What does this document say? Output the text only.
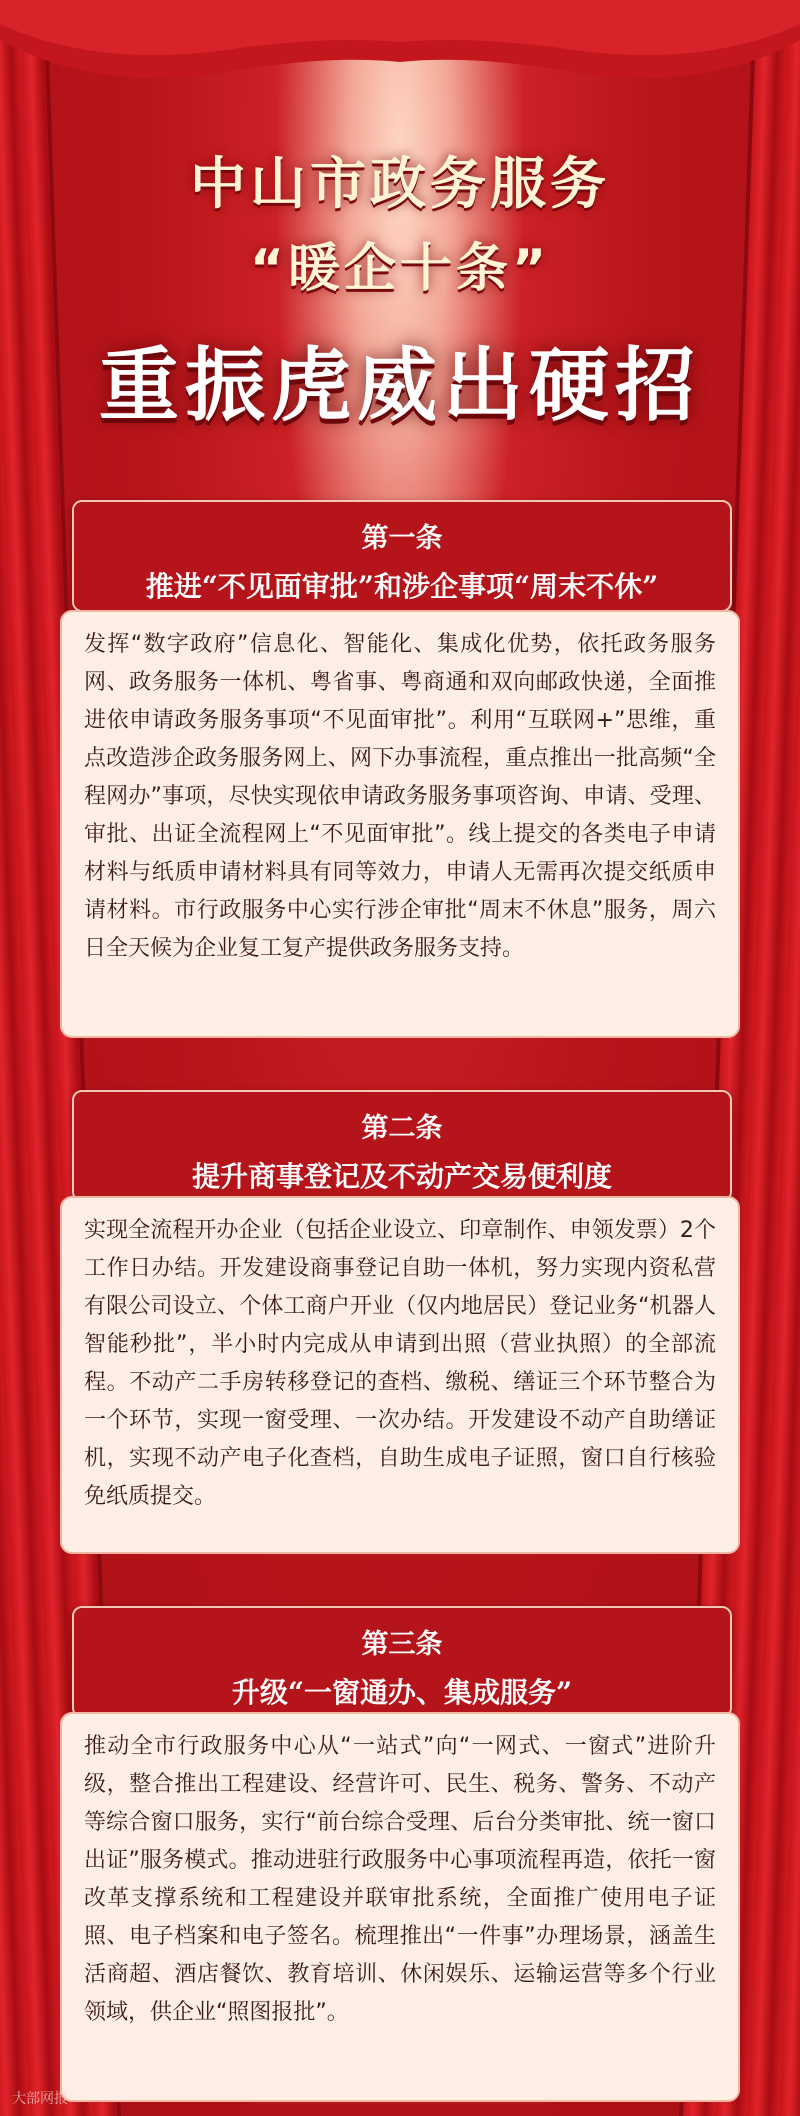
中山市政务服务
“暖企十条”
重振虎威出硬招
第一条
推进“不见面审批”和涉企事项“周末不休”
发挥“数字政府”信息化、智能化、集成化优势，依托政务服务网、政务服务一体机、粤省事、粤商通和双向邮政快递，全面推进依申请政务服务事项“不见面审批”。利用“互联网+”思维，重点改造涉企政务服务网上、网下办事流程，重点推出一批高频“全程网办”事项，尽快实现依申请政务服务事项咨询、申请、受理、审批、出证全流程网上“不见面审批”。线上提交的各类电子申请材料与纸质申请材料具有同等效力，申请人无需再次提交纸质申请材料。市行政服务中心实行涉企审批“周末不休息”服务，周六日全天候为企业复工复产提供政务服务支持。
第二条
提升商事登记及不动产交易便利度
实现全流程开办企业（包括企业设立、印章制作、申领发票）2个工作日办结。开发建设商事登记自助一体机，努力实现内资私营有限公司设立、个体工商户开业（仅内地居民）登记业务“机器人智能秒批”，半小时内完成从申请到出照（营业执照）的全部流程。不动产二手房转移登记的查档、缴税、缮证三个环节整合为一个环节，实现一窗受理、一次办结。开发建设不动产自助缮证机，实现不动产电子化查档，自助生成电子证照，窗口自行核验免纸质提交。
第三条
升级“一窗通办、集成服务”
推动全市行政服务中心从“一站式”向“一网式、一窗式”进阶升级，整合推出工程建设、经营许可、民生、税务、警务、不动产等综合窗口服务，实行“前台综合受理、后台分类审批、统一窗口出证”服务模式。推动进驻行政服务中心事项流程再造，依托一窗改革支撑系统和工程建设并联审批系统，全面推广使用电子证照、电子档案和电子签名。梳理推出“一件事”办理场景，涵盖生活商超、酒店餐饮、教育培训、休闲娱乐、运输运营等多个行业领域，供企业“照图报批”。
大部网报
